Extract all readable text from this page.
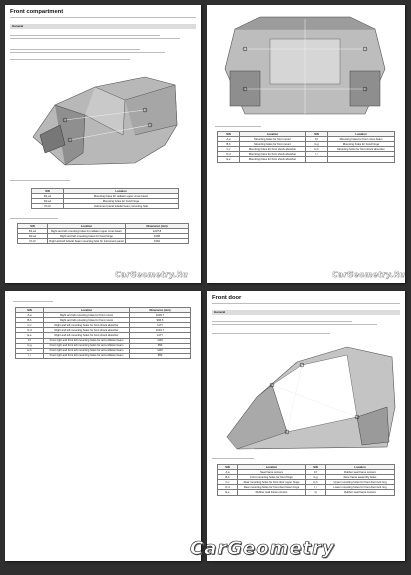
Front compartment
General
S/N	Location
D1,a1	Mounting holes for radiator upper cross beam
D2,a1	Mounting holes for hood hinge
F1,f2	Instrument panel tubular beam mounting hole
S/N	Location	Dimension (mm)
D1,a1	Right and left mounting holes for radiator upper cross beam	1207.8
D2,a1	Right and left mounting holes for hood hinge	1068
F1,f2	Right and left tubular beam mounting hole for instrument panel	1062
CarGeometry.Ru
S/N	Location	S/N	Location
A,a	Mounting holes for front mount	F,f	Mounting holes for front cross beam
B,b	Mounting holes for front mount	G,g	Mounting holes for hood hinge
C,c	Mounting holes for front shock absorber	H,h	Mounting holes for front shock absorber
D,d	Mounting holes for front shock absorber	I,i	
E,e	Mounting holes for front shock absorber		
CarGeometry.Ru
S/N	Location	Dimension (mm)
A,a	Right and left mounting holes for front mount	1009.7
B,b	Right and left mounting holes for front mount	996.5
C,c	Right and left mounting holes for front shock absorber	1177
D,d	Right and left mounting holes for front shock absorber	1001.7
E,e	Right and left mounting holes for front shock absorber	1177
F,f	Front right and front left mounting holes for anti-collision beam	1116
G,g	Front right and front left mounting holes for anti-collision beam	950
H,h	Front right and front left mounting holes for anti-collision beam	1116
I,i	Front right and front left mounting holes for anti-collision beam	950
Front door
General
S/N	Location	S/N	Location
A,a	Seat frame corners	F,f	Rubber seal frame corners
B,b	Front mounting holes for front hinge	G,g	Door frame assembly holes
C,c	Rear mounting holes for front door upper hinge	H,h	Upper mounting holes for front door lock ring
D,d	Rear mounting holes for front door lower hinge	I,i	Lower mounting holes for front door lock ring
E,e	Rubber seal frame corners	J,j	Rubber seal frame corners
CarGeometry
